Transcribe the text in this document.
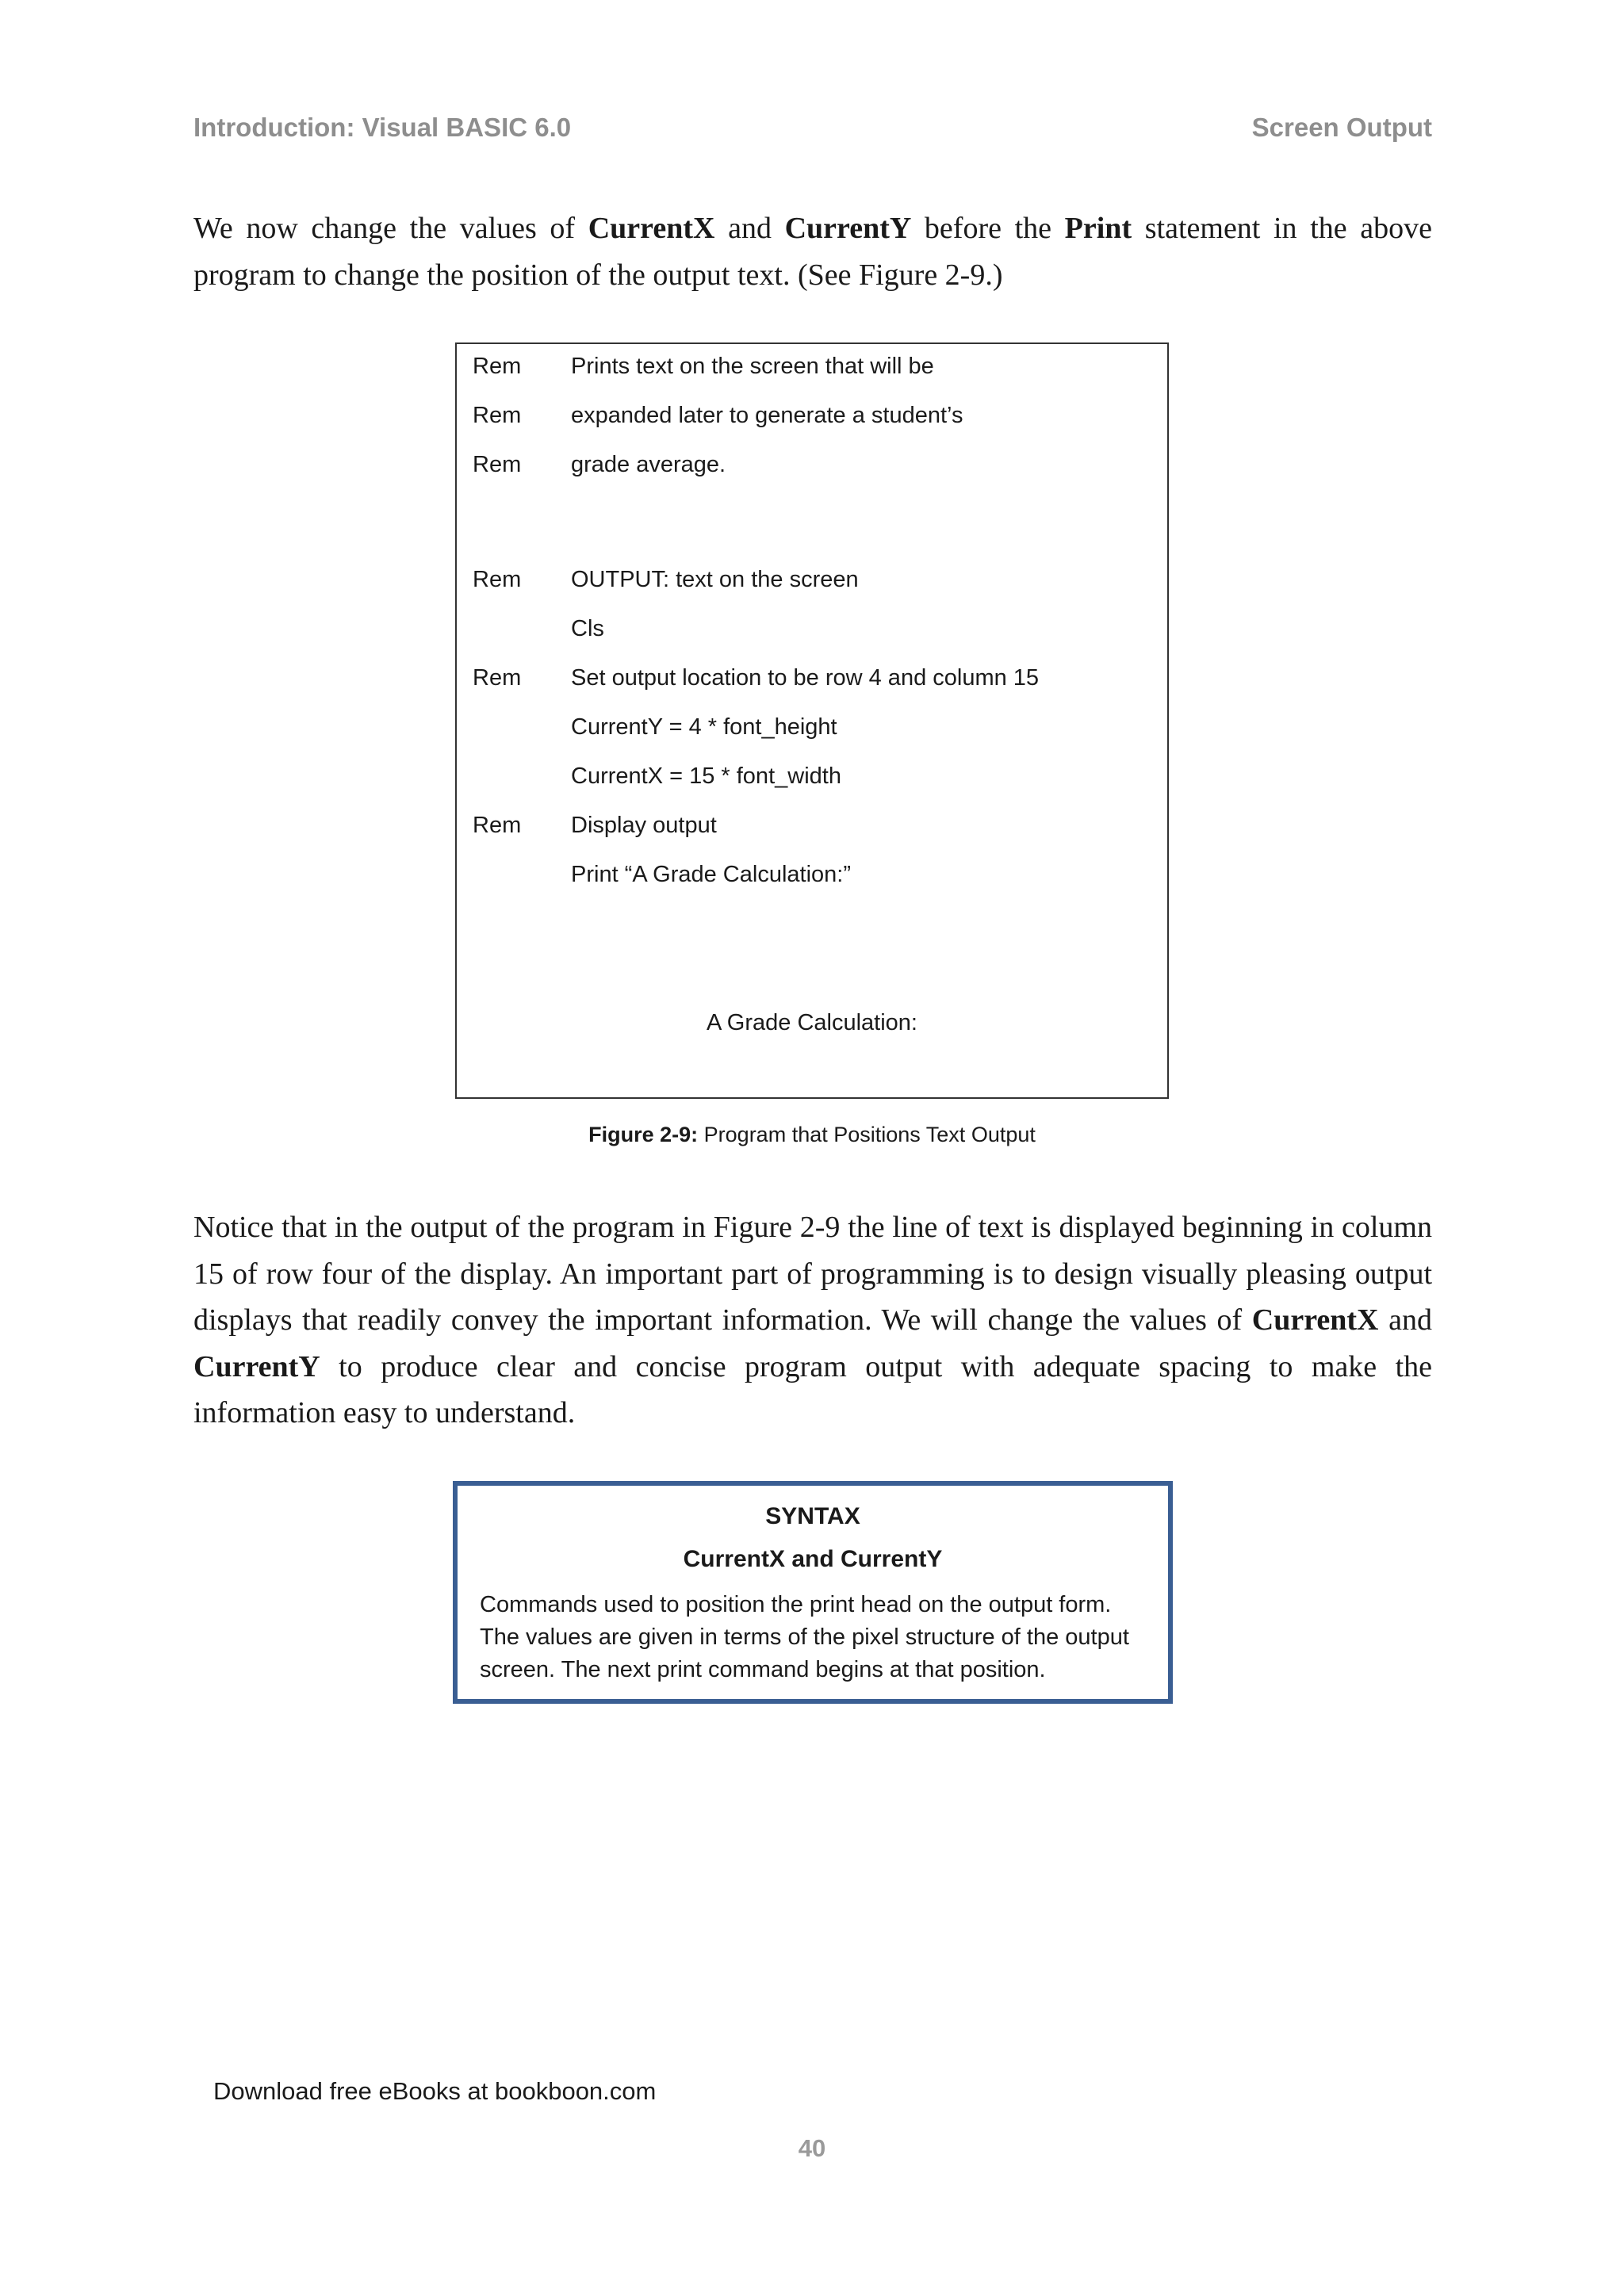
Introduction: Visual BASIC 6.0	Screen Output

We now change the values of CurrentX and CurrentY before the Print statement in the above program to change the position of the output text. (See Figure 2-9.)

Rem Prints text on the screen that will be
Rem expanded later to generate a student’s
Rem grade average.
Rem OUTPUT: text on the screen
Cls
Rem Set output location to be row 4 and column 15
CurrentY = 4 * font_height
CurrentX = 15 * font_width
Rem Display output
Print “A Grade Calculation:”
A Grade Calculation:
Figure 2-9: Program that Positions Text Output

Notice that in the output of the program in Figure 2-9 the line of text is displayed beginning in column 15 of row four of the display. An important part of programming is to design visually pleasing output displays that readily convey the important information. We will change the values of CurrentX and CurrentY to produce clear and concise program output with adequate spacing to make the information easy to understand.

SYNTAX
CurrentX and CurrentY
Commands used to position the print head on the output form. The values are given in terms of the pixel structure of the output screen. The next print command begins at that position.
Download free eBooks at bookboon.com
40
